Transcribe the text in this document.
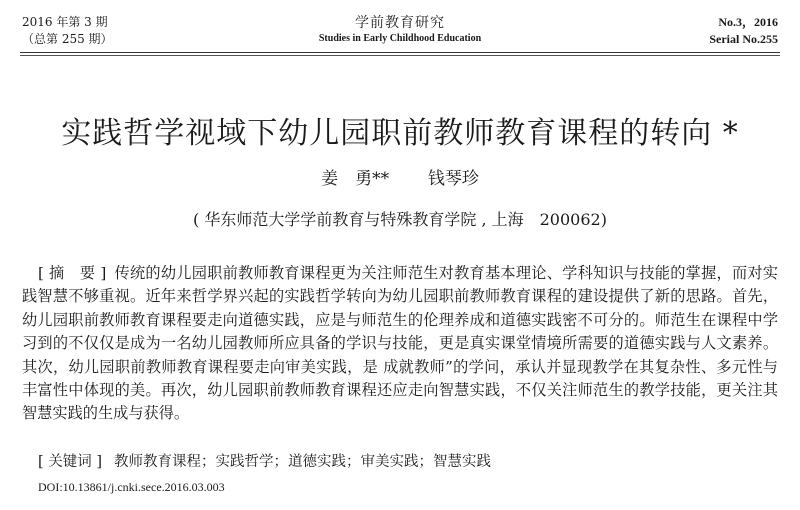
2016 年第 3 期
（总第 255 期）
学前教育研究
Studies in Early Childhood Education
No.3，2016
Serial No.255
实践哲学视域下幼儿园职前教师教育课程的转向 *
姜　勇** 钱琴珍
( 华东师范大学学前教育与特殊教育学院 , 上海　200062)
[ 摘　要 ] 传统的幼儿园职前教师教育课程更为关注师范生对教育基本理论、学科知识与技能的掌握，而对实践智慧不够重视。近年来哲学界兴起的实践哲学转向为幼儿园职前教师教育课程的建设提供了新的思路。首先，幼儿园职前教师教育课程要走向道德实践，应是与师范生的伦理养成和道德实践密不可分的。师范生在课程中学习到的不仅仅是成为一名幼儿园教师所应具备的学识与技能，更是真实课堂情境所需要的道德实践与人文素养。其次，幼儿园职前教师教育课程要走向审美实践，是 成就教师”的学问，承认并显现教学在其复杂性、多元性与丰富性中体现的美。再次，幼儿园职前教师教育课程还应走向智慧实践，不仅关注师范生的教学技能，更关注其智慧实践的生成与获得。
[ 关键词 ] 教师教育课程；实践哲学；道德实践；审美实践；智慧实践
DOI:10.13861/j.cnki.sece.2016.03.003
